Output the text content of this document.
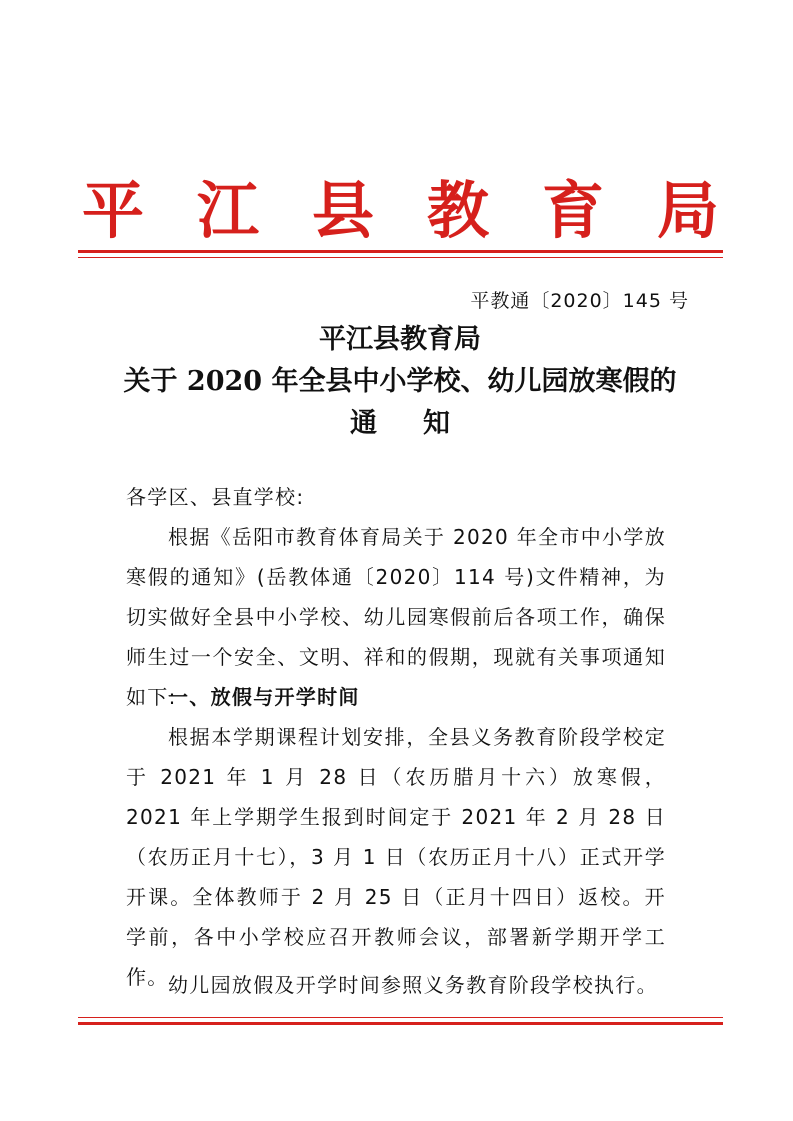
平 江 县 教 育 局
平教通〔2020〕145 号
平江县教育局
关于 2020 年全县中小学校、幼儿园放寒假的
通知
各学区、县直学校:
根据《岳阳市教育体育局关于 2020 年全市中小学放寒假的通知》(岳教体通〔2020〕114 号)文件精神，为切实做好全县中小学校、幼儿园寒假前后各项工作，确保师生过一个安全、文明、祥和的假期，现就有关事项通知如下:
一、放假与开学时间
根据本学期课程计划安排，全县义务教育阶段学校定于 2021 年 1 月 28 日（农历腊月十六）放寒假，2021 年上学期学生报到时间定于 2021 年 2 月 28 日（农历正月十七），3 月 1 日（农历正月十八）正式开学开课。全体教师于 2 月 25 日（正月十四日）返校。开学前，各中小学校应召开教师会议，部署新学期开学工作。 幼儿园放假及开学时间参照义务教育阶段学校执行。
